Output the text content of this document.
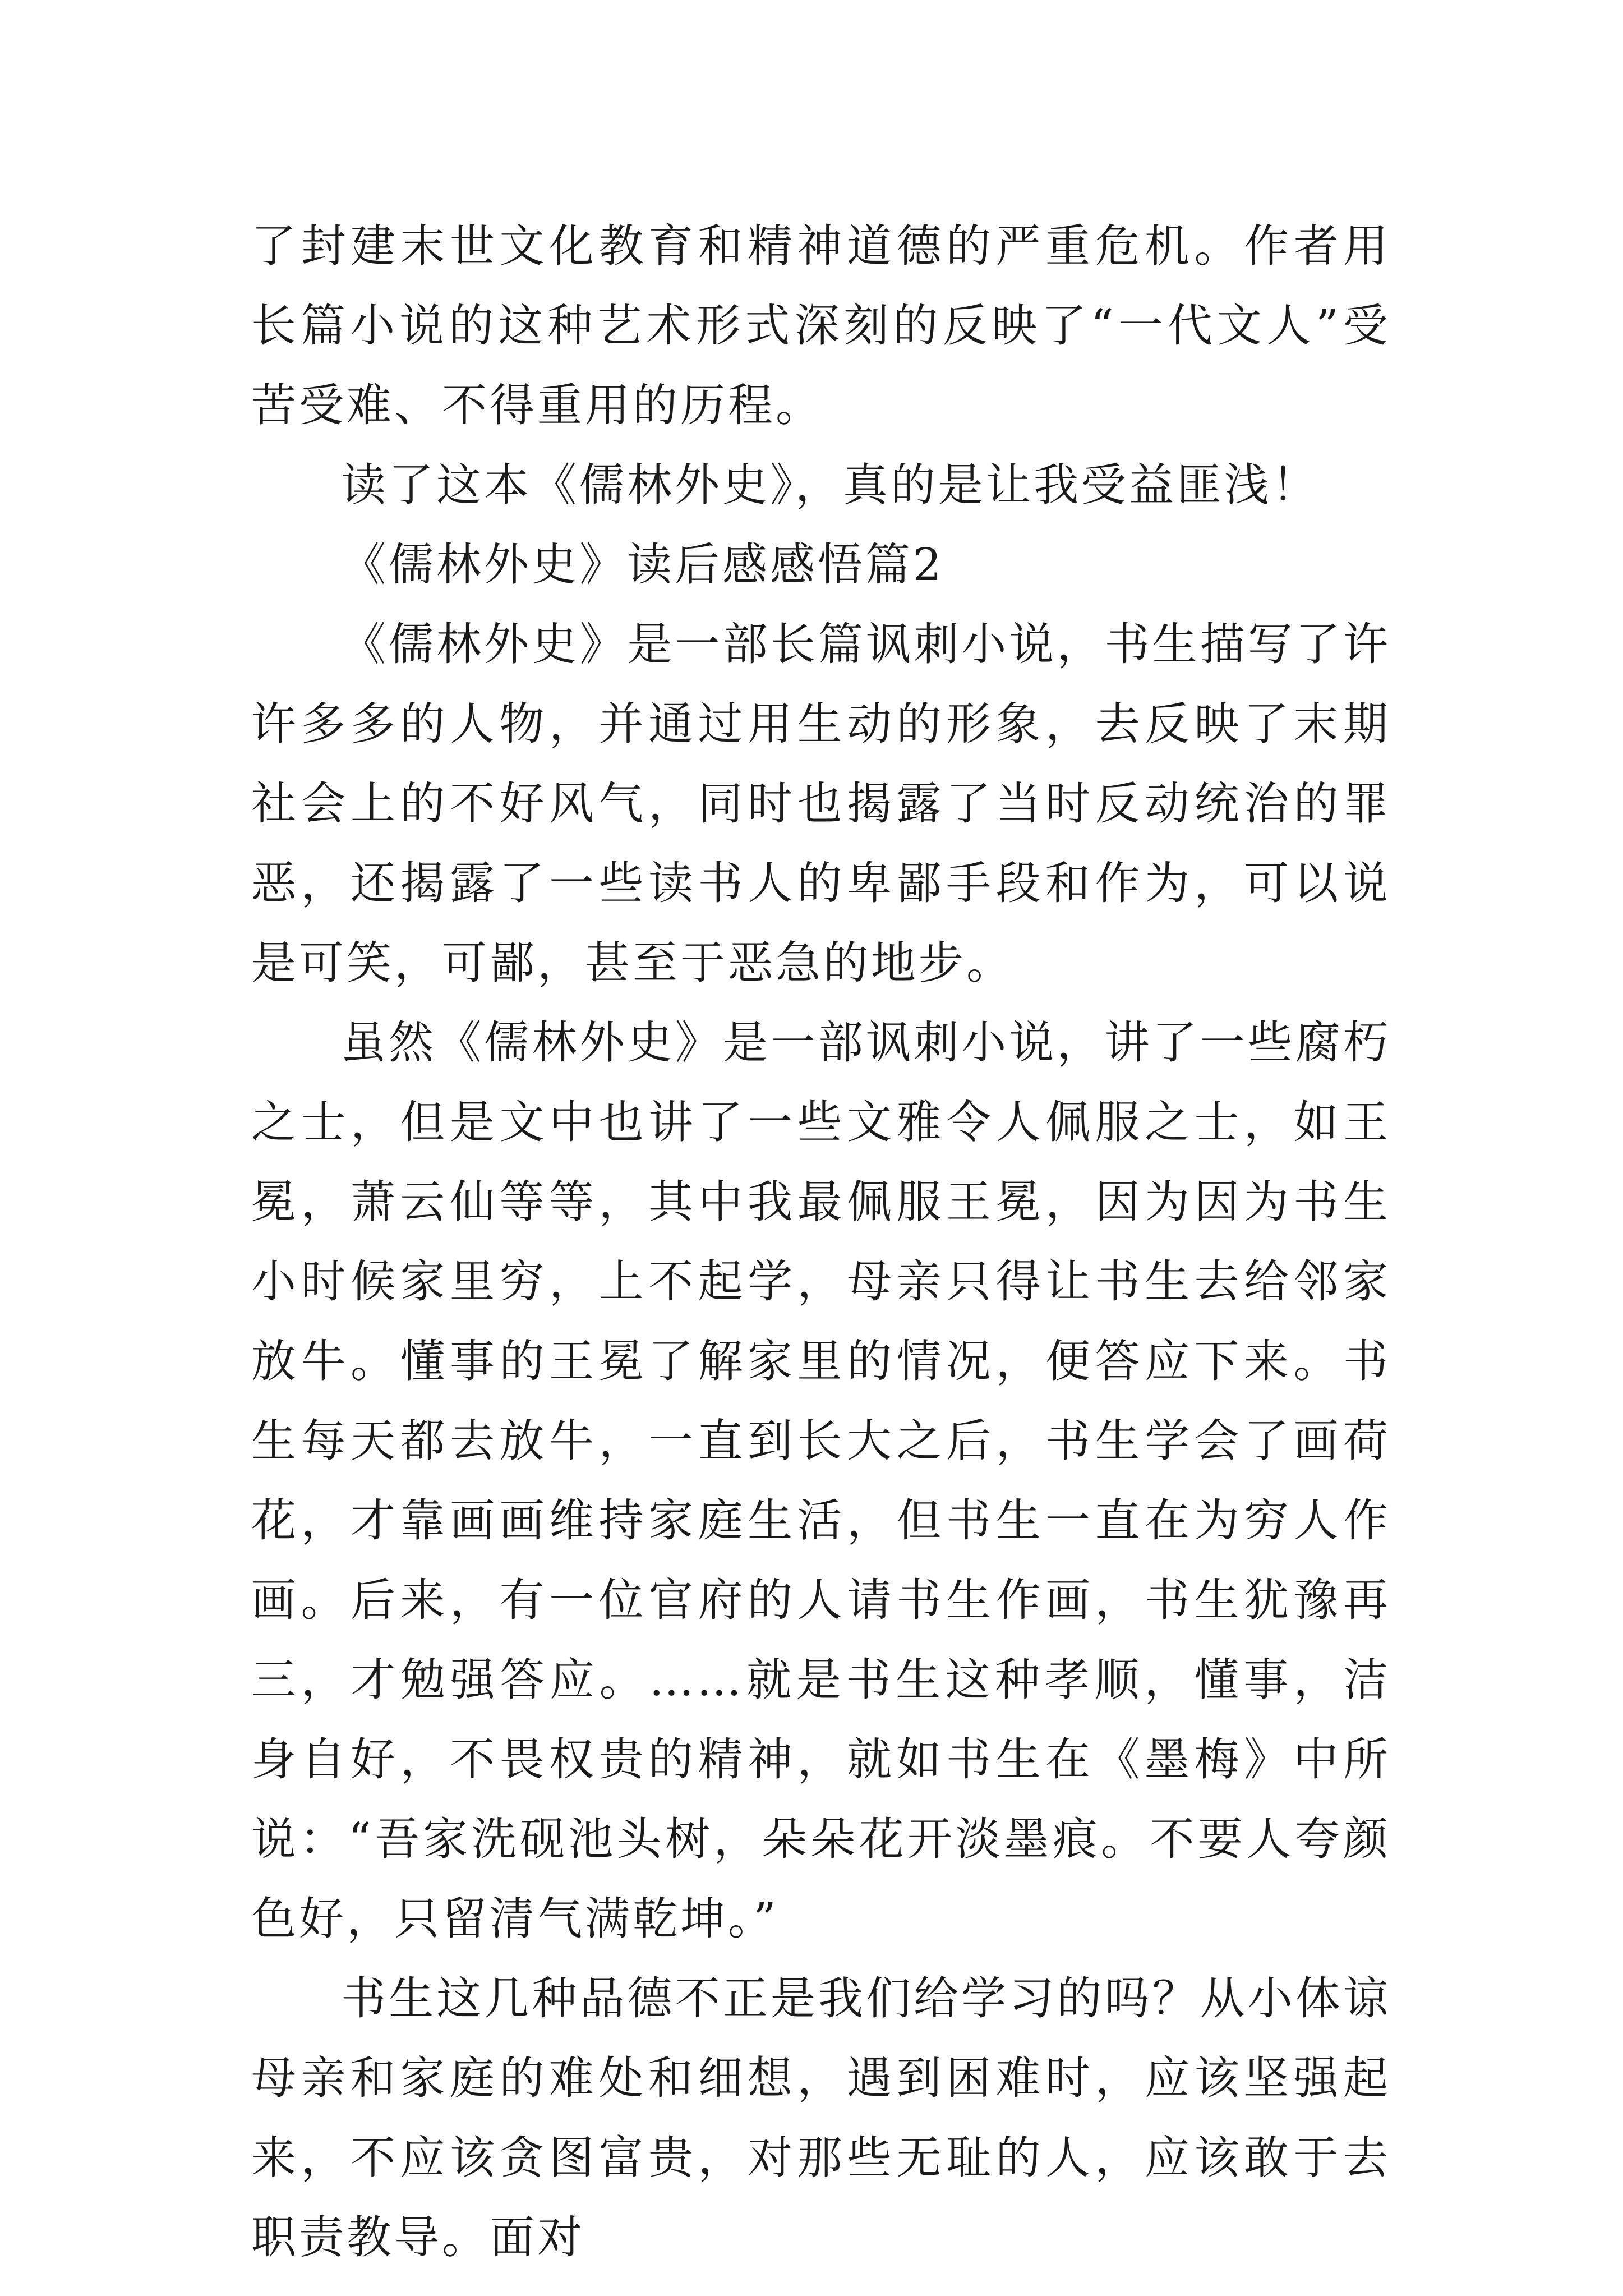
了封建末世文化教育和精神道德的严重危机。作者用长篇小说的这种艺术形式深刻的反映了“一代文人”受苦受难、不得重用的历程。

读了这本《儒林外史》，真的是让我受益匪浅！

《儒林外史》读后感感悟篇2

《儒林外史》是一部长篇讽刺小说，书生描写了许许多多的人物，并通过用生动的形象，去反映了末期社会上的不好风气，同时也揭露了当时反动统治的罪恶，还揭露了一些读书人的卑鄙手段和作为，可以说是可笑，可鄙，甚至于恶急的地步。

虽然《儒林外史》是一部讽刺小说，讲了一些腐朽之士，但是文中也讲了一些文雅令人佩服之士，如王冕，萧云仙等等，其中我最佩服王冕，因为因为书生小时候家里穷，上不起学，母亲只得让书生去给邻家放牛。懂事的王冕了解家里的情况，便答应下来。书生每天都去放牛，一直到长大之后，书生学会了画荷花，才靠画画维持家庭生活，但书生一直在为穷人作画。后来，有一位官府的人请书生作画，书生犹豫再三，才勉强答应。……就是书生这种孝顺，懂事，洁身自好，不畏权贵的精神，就如书生在《墨梅》中所说：“吾家洗砚池头树，朵朵花开淡墨痕。不要人夸颜色好，只留清气满乾坤。”

书生这几种品德不正是我们给学习的吗？从小体谅母亲和家庭的难处和细想，遇到困难时，应该坚强起来，不应该贪图富贵，对那些无耻的人，应该敢于去职责教导。面对
